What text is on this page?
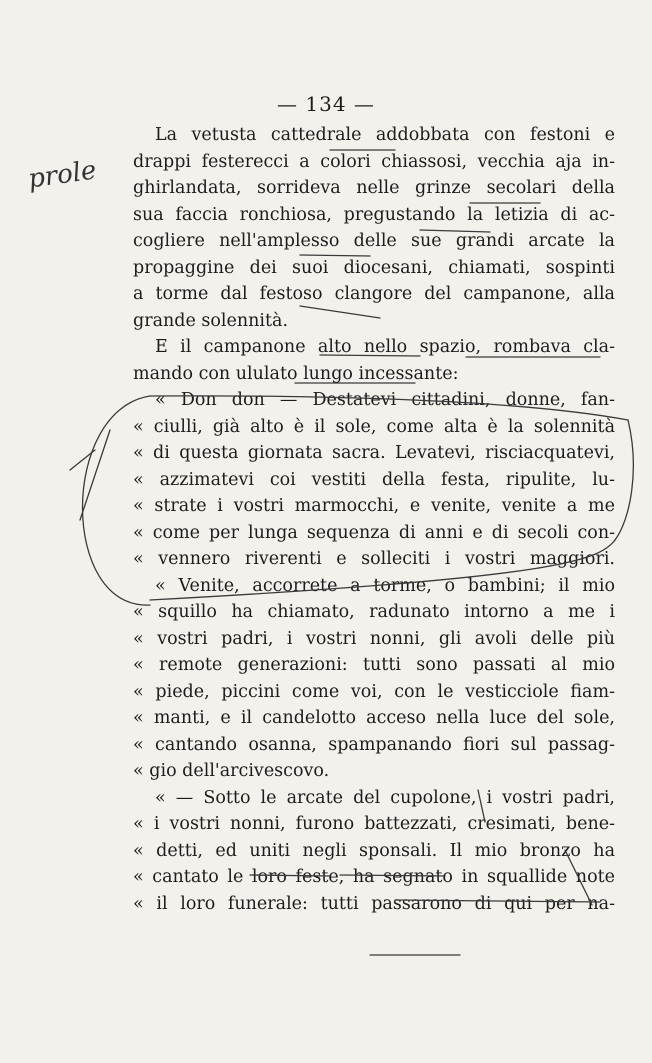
— 134 —
prole
La vetusta cattedrale addobbata con festoni e
drappi festerecci a colori chiassosi, vecchia aja in-
ghirlandata, sorrideva nelle grinze secolari della
sua faccia ronchiosa, pregustando la letizia di ac-
cogliere nell'amplesso delle sue grandi arcate la
propaggine dei suoi diocesani, chiamati, sospinti
a torme dal festoso clangore del campanone, alla
grande solennità.
E il campanone alto nello spazio, rombava cla-
mando con ululato lungo incessante:
« Don don — Destatevi cittadini, donne, fan-
« ciulli, già alto è il sole, come alta è la solennità
« di questa giornata sacra. Levatevi, risciacquatevi,
« azzimatevi coi vestiti della festa, ripulite, lu-
« strate i vostri marmocchi, e venite, venite a me
« come per lunga sequenza di anni e di secoli con-
« vennero riverenti e solleciti i vostri maggiori.
« Venite, accorrete a torme, o bambini; il mio
« squillo ha chiamato, radunato intorno a me i
« vostri padri, i vostri nonni, gli avoli delle più
« remote generazioni: tutti sono passati al mio
« piede, piccini come voi, con le vesticciole fiam-
« manti, e il candelotto acceso nella luce del sole,
« cantando osanna, spampanando fiori sul passag-
« gio dell'arcivescovo.
« — Sotto le arcate del cupolone, i vostri padri,
« i vostri nonni, furono battezzati, cresimati, bene-
« detti, ed uniti negli sponsali. Il mio bronzo ha
« cantato le loro feste, ha segnato in squallide note
« il loro funerale: tutti passarono di qui per na-
